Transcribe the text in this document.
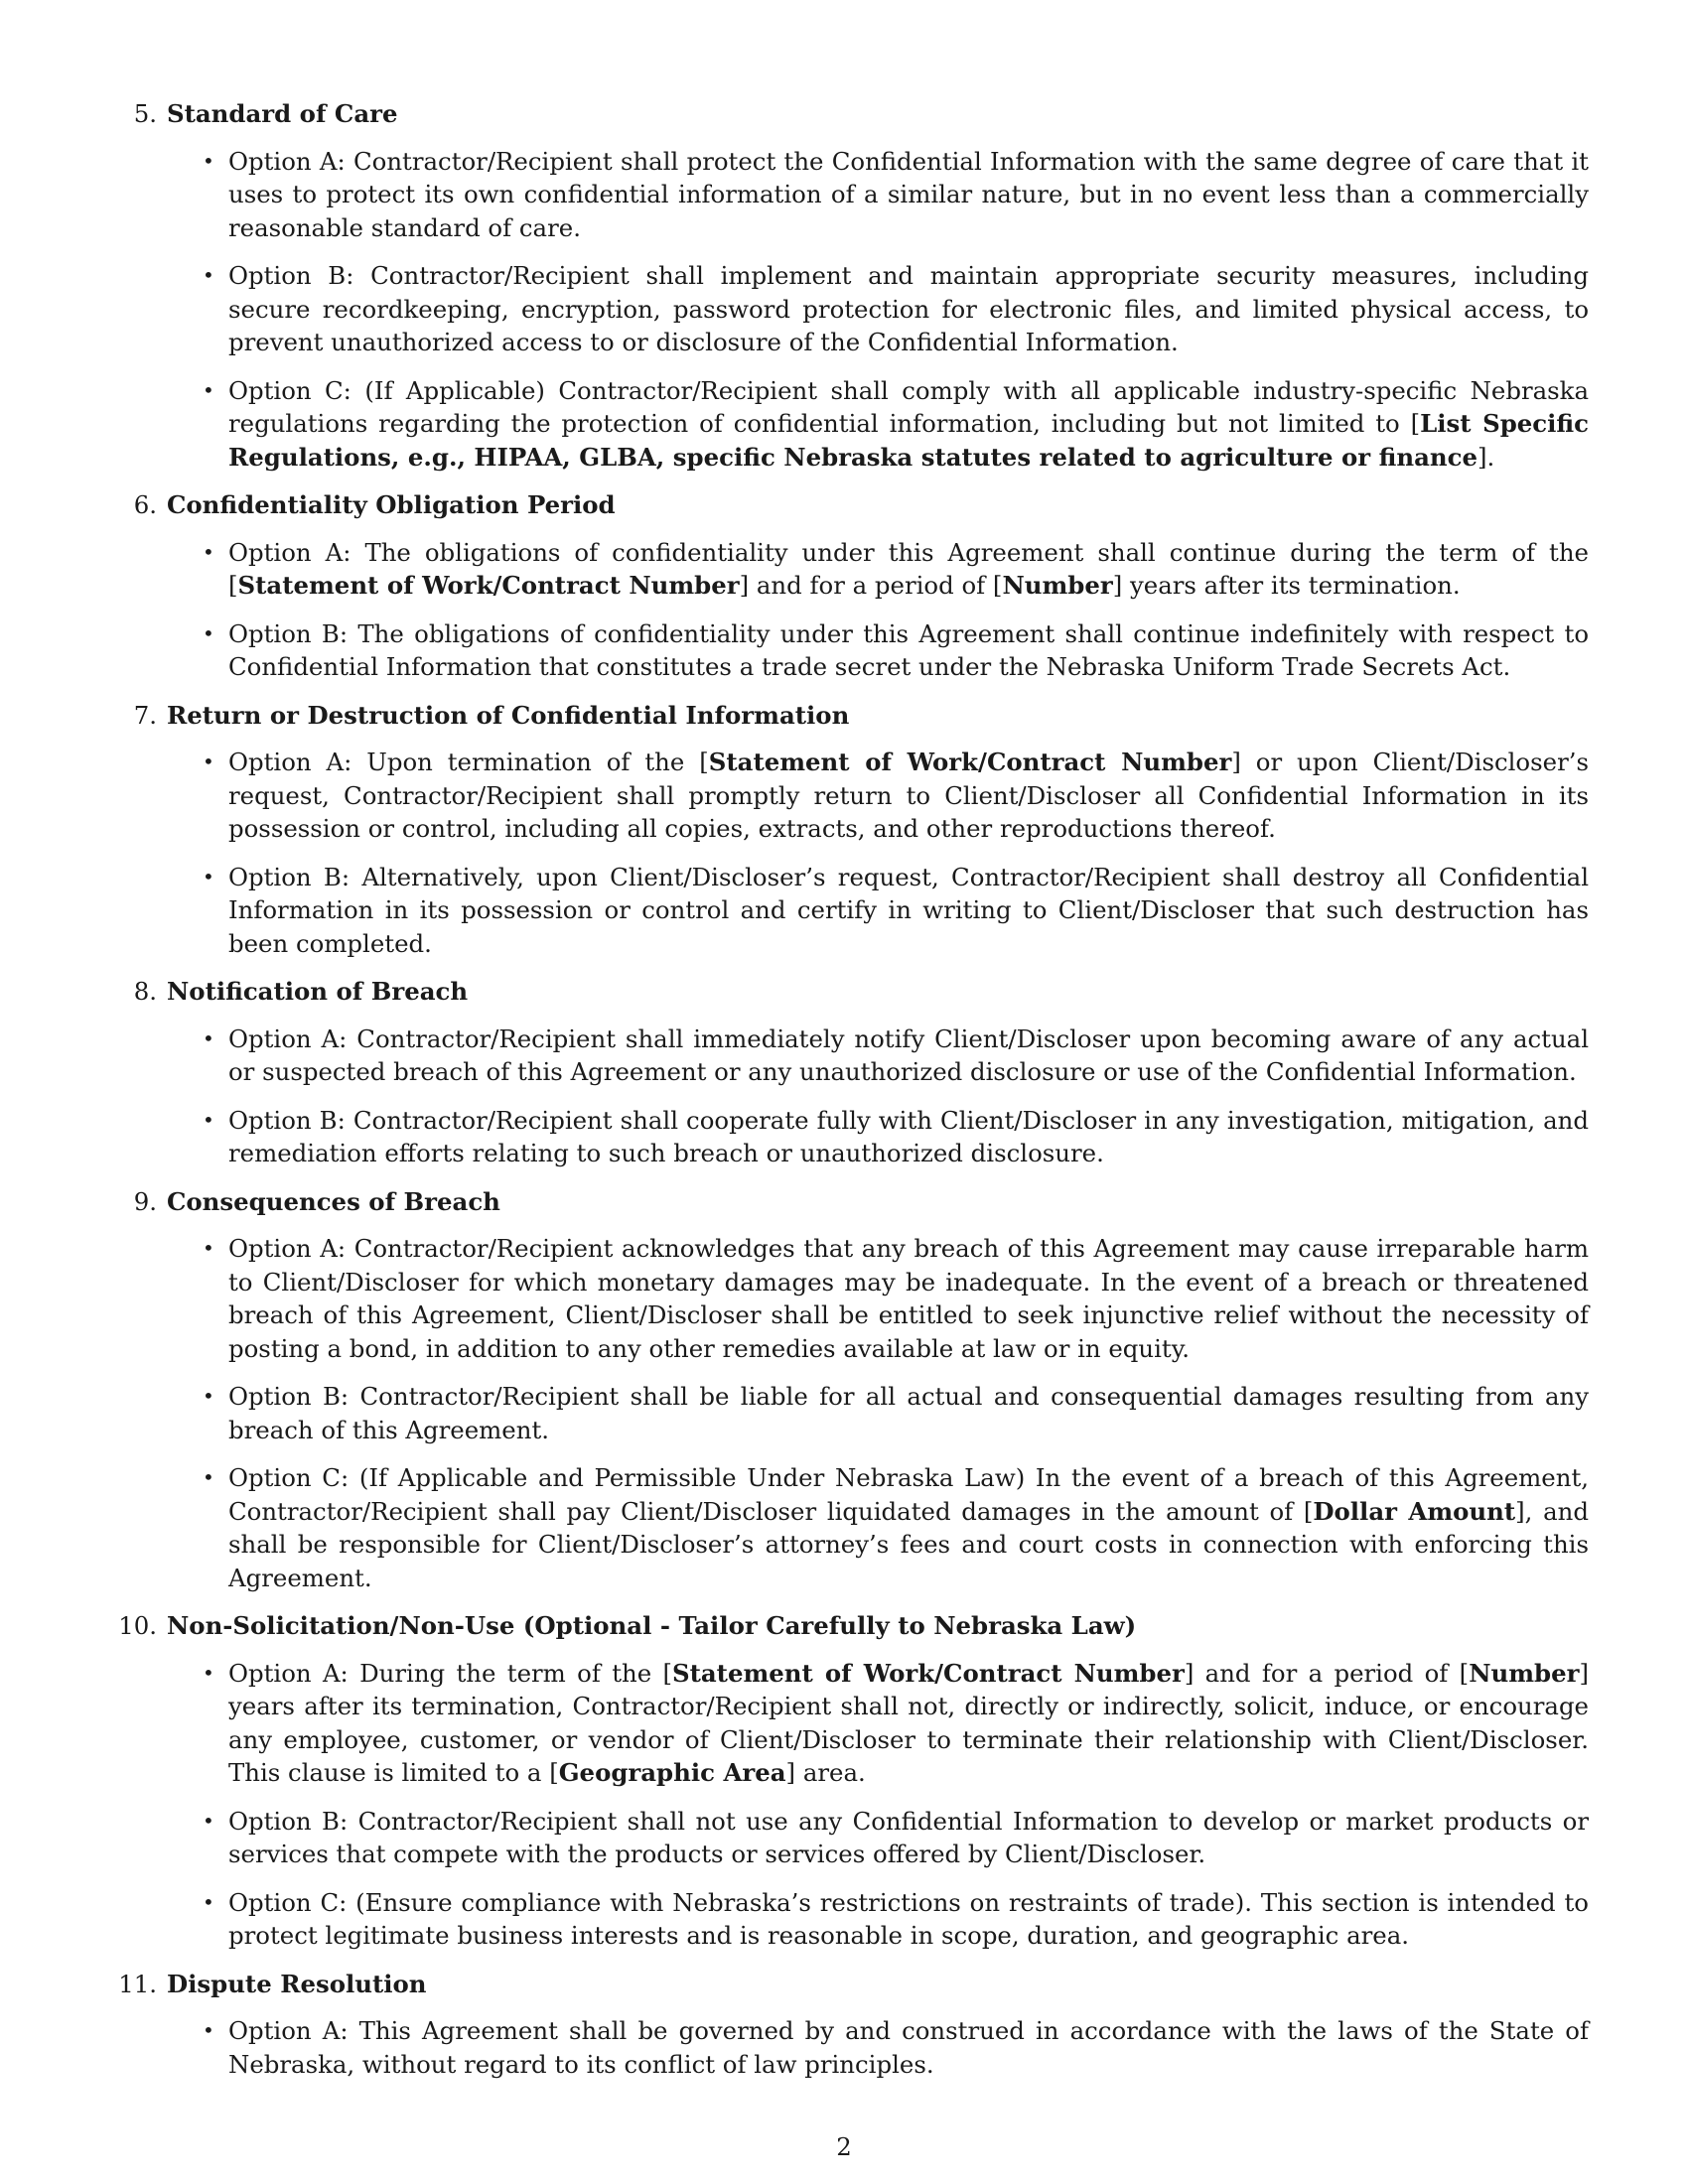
5. Standard of Care
• Option A: Contractor/Recipient shall protect the Confidential Information with the same degree of care that it uses to protect its own confidential information of a similar nature, but in no event less than a commercially reasonable standard of care.
• Option B: Contractor/Recipient shall implement and maintain appropriate security measures, including secure recordkeeping, encryption, password protection for electronic files, and limited physical access, to prevent unauthorized access to or disclosure of the Confidential Information.
• Option C: (If Applicable) Contractor/Recipient shall comply with all applicable industry-specific Nebraska regulations regarding the protection of confidential information, including but not limited to [List Specific Regulations, e.g., HIPAA, GLBA, specific Nebraska statutes related to agriculture or finance].
6. Confidentiality Obligation Period
• Option A: The obligations of confidentiality under this Agreement shall continue during the term of the [Statement of Work/Contract Number] and for a period of [Number] years after its termination.
• Option B: The obligations of confidentiality under this Agreement shall continue indefinitely with respect to Confidential Information that constitutes a trade secret under the Nebraska Uniform Trade Secrets Act.
7. Return or Destruction of Confidential Information
• Option A: Upon termination of the [Statement of Work/Contract Number] or upon Client/Discloser’s request, Contractor/Recipient shall promptly return to Client/Discloser all Confidential Information in its possession or control, including all copies, extracts, and other reproductions thereof.
• Option B: Alternatively, upon Client/Discloser’s request, Contractor/Recipient shall destroy all Confidential Information in its possession or control and certify in writing to Client/Discloser that such destruction has been completed.
8. Notification of Breach
• Option A: Contractor/Recipient shall immediately notify Client/Discloser upon becoming aware of any actual or suspected breach of this Agreement or any unauthorized disclosure or use of the Confidential Information.
• Option B: Contractor/Recipient shall cooperate fully with Client/Discloser in any investigation, mitigation, and remediation efforts relating to such breach or unauthorized disclosure.
9. Consequences of Breach
• Option A: Contractor/Recipient acknowledges that any breach of this Agreement may cause irreparable harm to Client/Discloser for which monetary damages may be inadequate. In the event of a breach or threatened breach of this Agreement, Client/Discloser shall be entitled to seek injunctive relief without the necessity of posting a bond, in addition to any other remedies available at law or in equity.
• Option B: Contractor/Recipient shall be liable for all actual and consequential damages resulting from any breach of this Agreement.
• Option C: (If Applicable and Permissible Under Nebraska Law) In the event of a breach of this Agreement, Contractor/Recipient shall pay Client/Discloser liquidated damages in the amount of [Dollar Amount], and shall be responsible for Client/Discloser’s attorney’s fees and court costs in connection with enforcing this Agreement.
10. Non-Solicitation/Non-Use (Optional - Tailor Carefully to Nebraska Law)
• Option A: During the term of the [Statement of Work/Contract Number] and for a period of [Number] years after its termination, Contractor/Recipient shall not, directly or indirectly, solicit, induce, or encourage any employee, customer, or vendor of Client/Discloser to terminate their relationship with Client/Discloser. This clause is limited to a [Geographic Area] area.
• Option B: Contractor/Recipient shall not use any Confidential Information to develop or market products or services that compete with the products or services offered by Client/Discloser.
• Option C: (Ensure compliance with Nebraska’s restrictions on restraints of trade). This section is intended to protect legitimate business interests and is reasonable in scope, duration, and geographic area.
11. Dispute Resolution
• Option A: This Agreement shall be governed by and construed in accordance with the laws of the State of Nebraska, without regard to its conflict of law principles.
2
